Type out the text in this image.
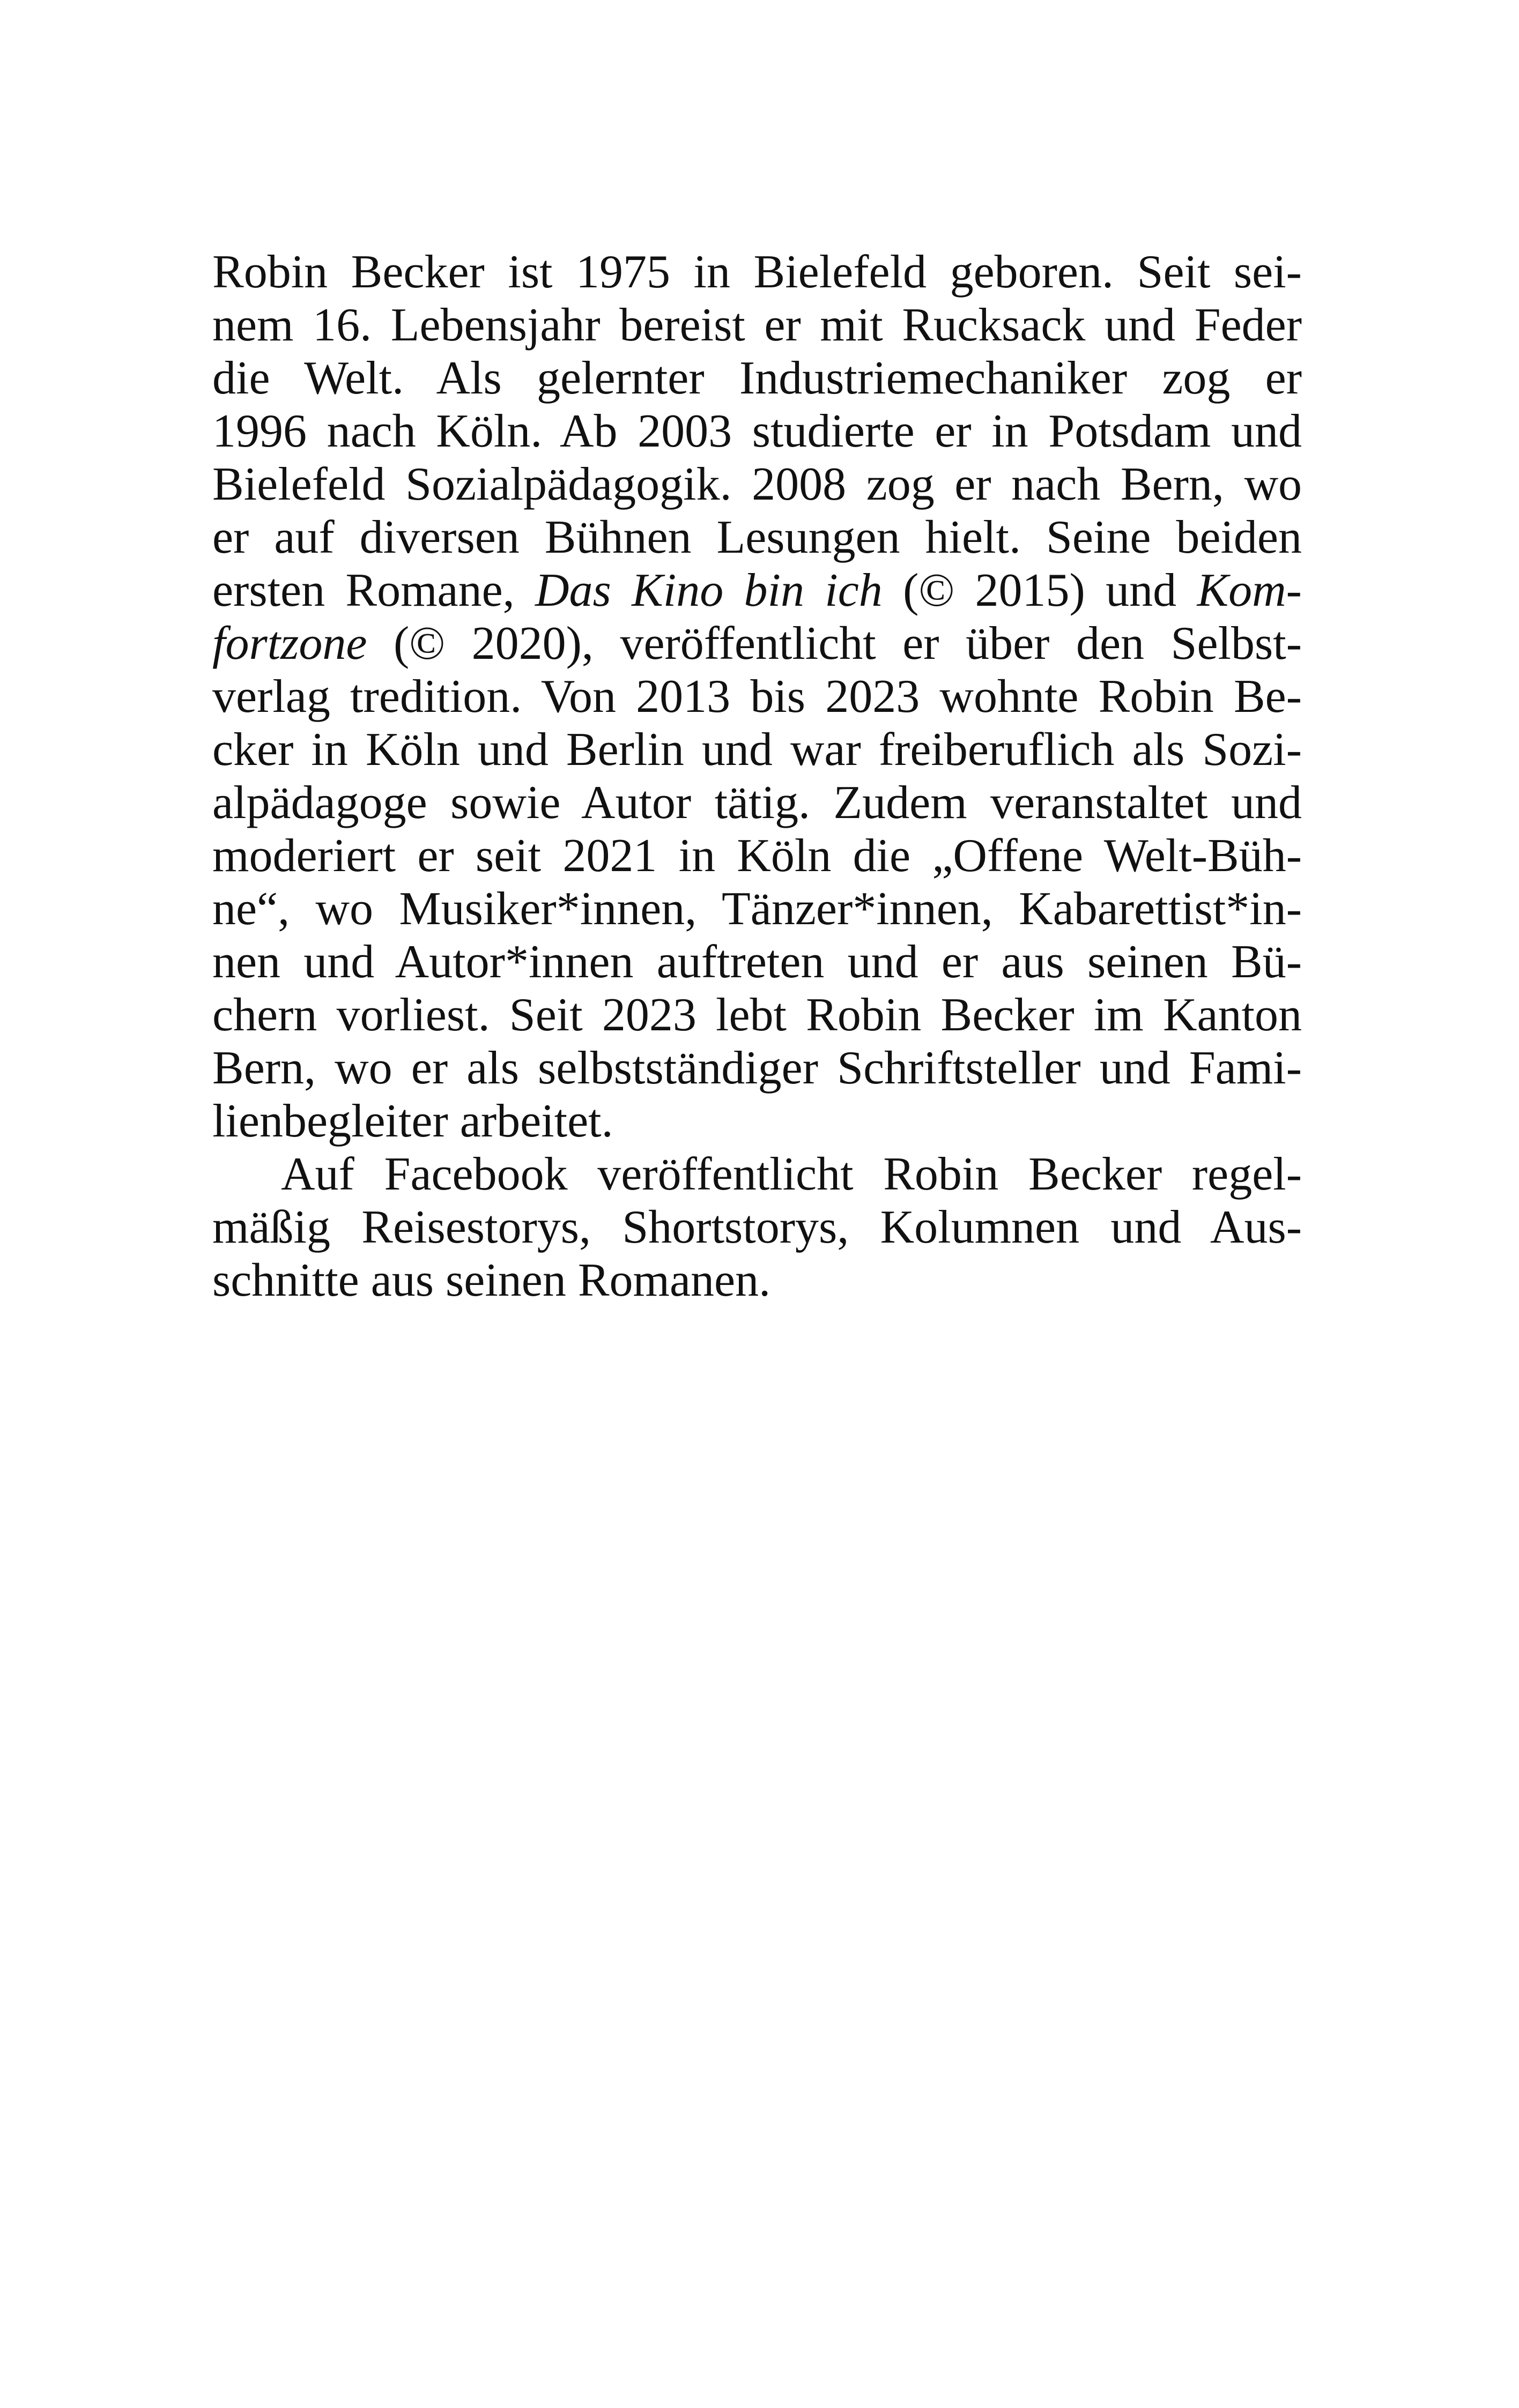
Robin Becker ist 1975 in Bielefeld geboren. Seit sei-
nem 16. Lebensjahr bereist er mit Rucksack und Feder
die Welt. Als gelernter Industriemechaniker zog er
1996 nach Köln. Ab 2003 studierte er in Potsdam und
Bielefeld Sozialpädagogik. 2008 zog er nach Bern, wo
er auf diversen Bühnen Lesungen hielt. Seine beiden
ersten Romane, Das Kino bin ich (© 2015) und Kom-
fortzone (© 2020), veröffentlicht er über den Selbst-
verlag tredition. Von 2013 bis 2023 wohnte Robin Be-
cker in Köln und Berlin und war freiberuflich als Sozi-
alpädagoge sowie Autor tätig. Zudem veranstaltet und
moderiert er seit 2021 in Köln die „Offene Welt-Büh-
ne“, wo Musiker*innen, Tänzer*innen, Kabarettist*in-
nen und Autor*innen auftreten und er aus seinen Bü-
chern vorliest. Seit 2023 lebt Robin Becker im Kanton
Bern, wo er als selbstständiger Schriftsteller und Fami-
lienbegleiter arbeitet.
Auf Facebook veröffentlicht Robin Becker regel-
mäßig Reisestorys, Shortstorys, Kolumnen und Aus-
schnitte aus seinen Romanen.
